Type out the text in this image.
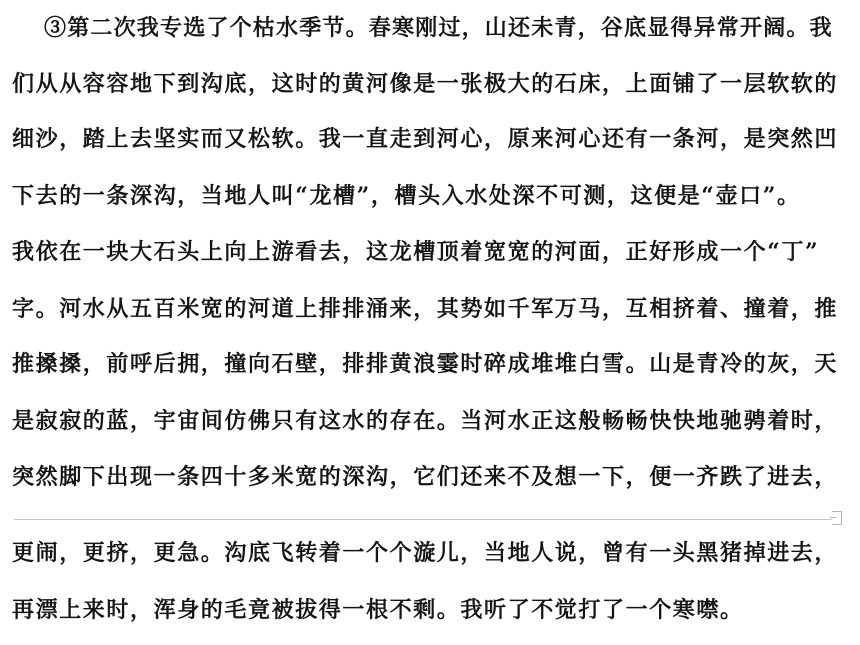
③第二次我专选了个枯水季节。春寒刚过，山还未青，谷底显得异常开阔。我
们从从容容地下到沟底，这时的黄河像是一张极大的石床，上面铺了一层软软的
细沙，踏上去坚实而又松软。我一直走到河心，原来河心还有一条河，是突然凹
下去的一条深沟，当地人叫“龙槽”，槽头入水处深不可测，这便是“壶口”。
我依在一块大石头上向上游看去，这龙槽顶着宽宽的河面，正好形成一个“丁”
字。河水从五百米宽的河道上排排涌来，其势如千军万马，互相挤着、撞着，推
推搡搡，前呼后拥，撞向石壁，排排黄浪霎时碎成堆堆白雪。山是青冷的灰，天
是寂寂的蓝，宇宙间仿佛只有这水的存在。当河水正这般畅畅快快地驰骋着时，
突然脚下出现一条四十多米宽的深沟，它们还来不及想一下，便一齐跌了进去，
更闹，更挤，更急。沟底飞转着一个个漩儿，当地人说，曾有一头黑猪掉进去，
再漂上来时，浑身的毛竟被拔得一根不剩。我听了不觉打了一个寒噤。
